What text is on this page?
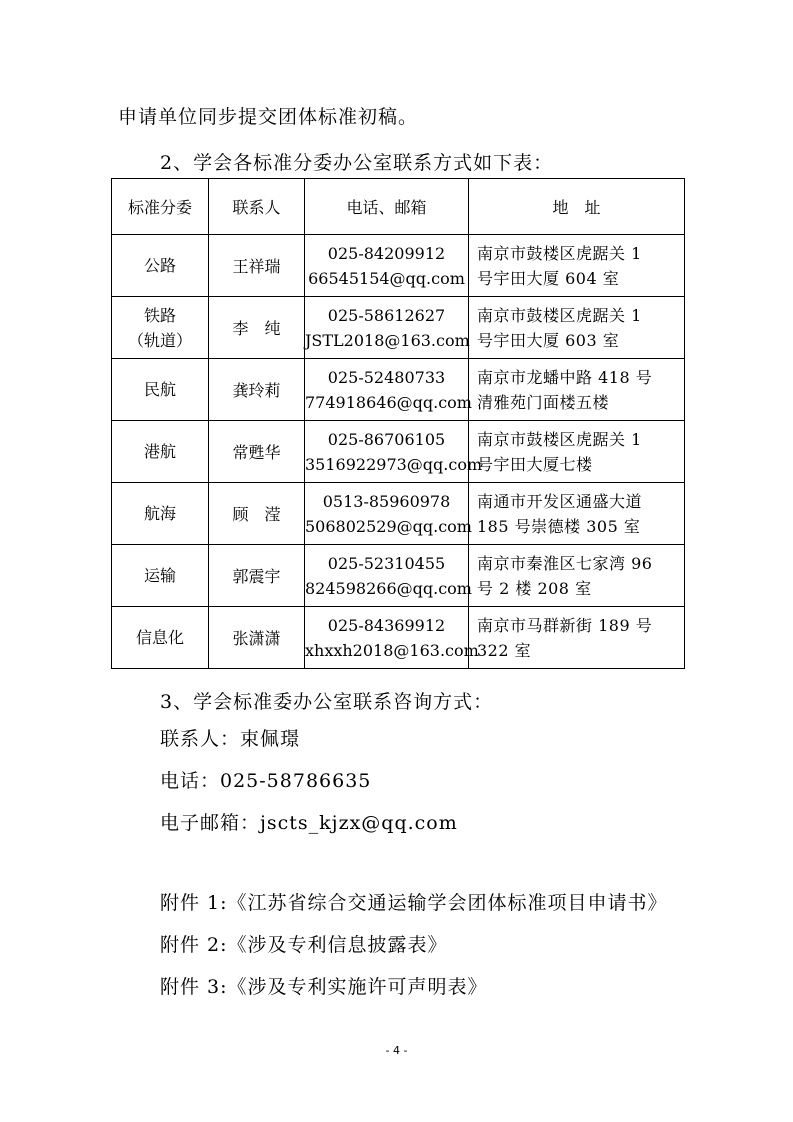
申请单位同步提交团体标准初稿。
2、学会各标准分委办公室联系方式如下表：
标准分委	联系人	电话、邮箱	地　址

公路	王祥瑞	025-84209912
66545154@qq.com	南京市鼓楼区虎踞关 1
号宇田大厦 604 室

铁路
（轨道）	李　纯	025-58612627
JSTL2018@163.com	南京市鼓楼区虎踞关 1
号宇田大厦 603 室

民航	龚玲莉	025-52480733
774918646@qq.com	南京市龙蟠中路 418 号
清雅苑门面楼五楼

港航	常甦华	025-86706105
3516922973@qq.com	南京市鼓楼区虎踞关 1
号宇田大厦七楼

航海	顾　滢	0513-85960978
506802529@qq.com	南通市开发区通盛大道
185 号崇德楼 305 室

运输	郭震宇	025-52310455
824598266@qq.com	南京市秦淮区七家湾 96
号 2 楼 208 室

信息化	张潇潇	025-84369912
xhxxh2018@163.com	南京市马群新街 189 号
322 室
3、学会标准委办公室联系咨询方式：
联系人：束佩璟
电话：025-58786635
电子邮箱：jscts_kjzx@qq.com
附件 1:《江苏省综合交通运输学会团体标准项目申请书》
附件 2:《涉及专利信息披露表》
附件 3:《涉及专利实施许可声明表》
- 4 -
